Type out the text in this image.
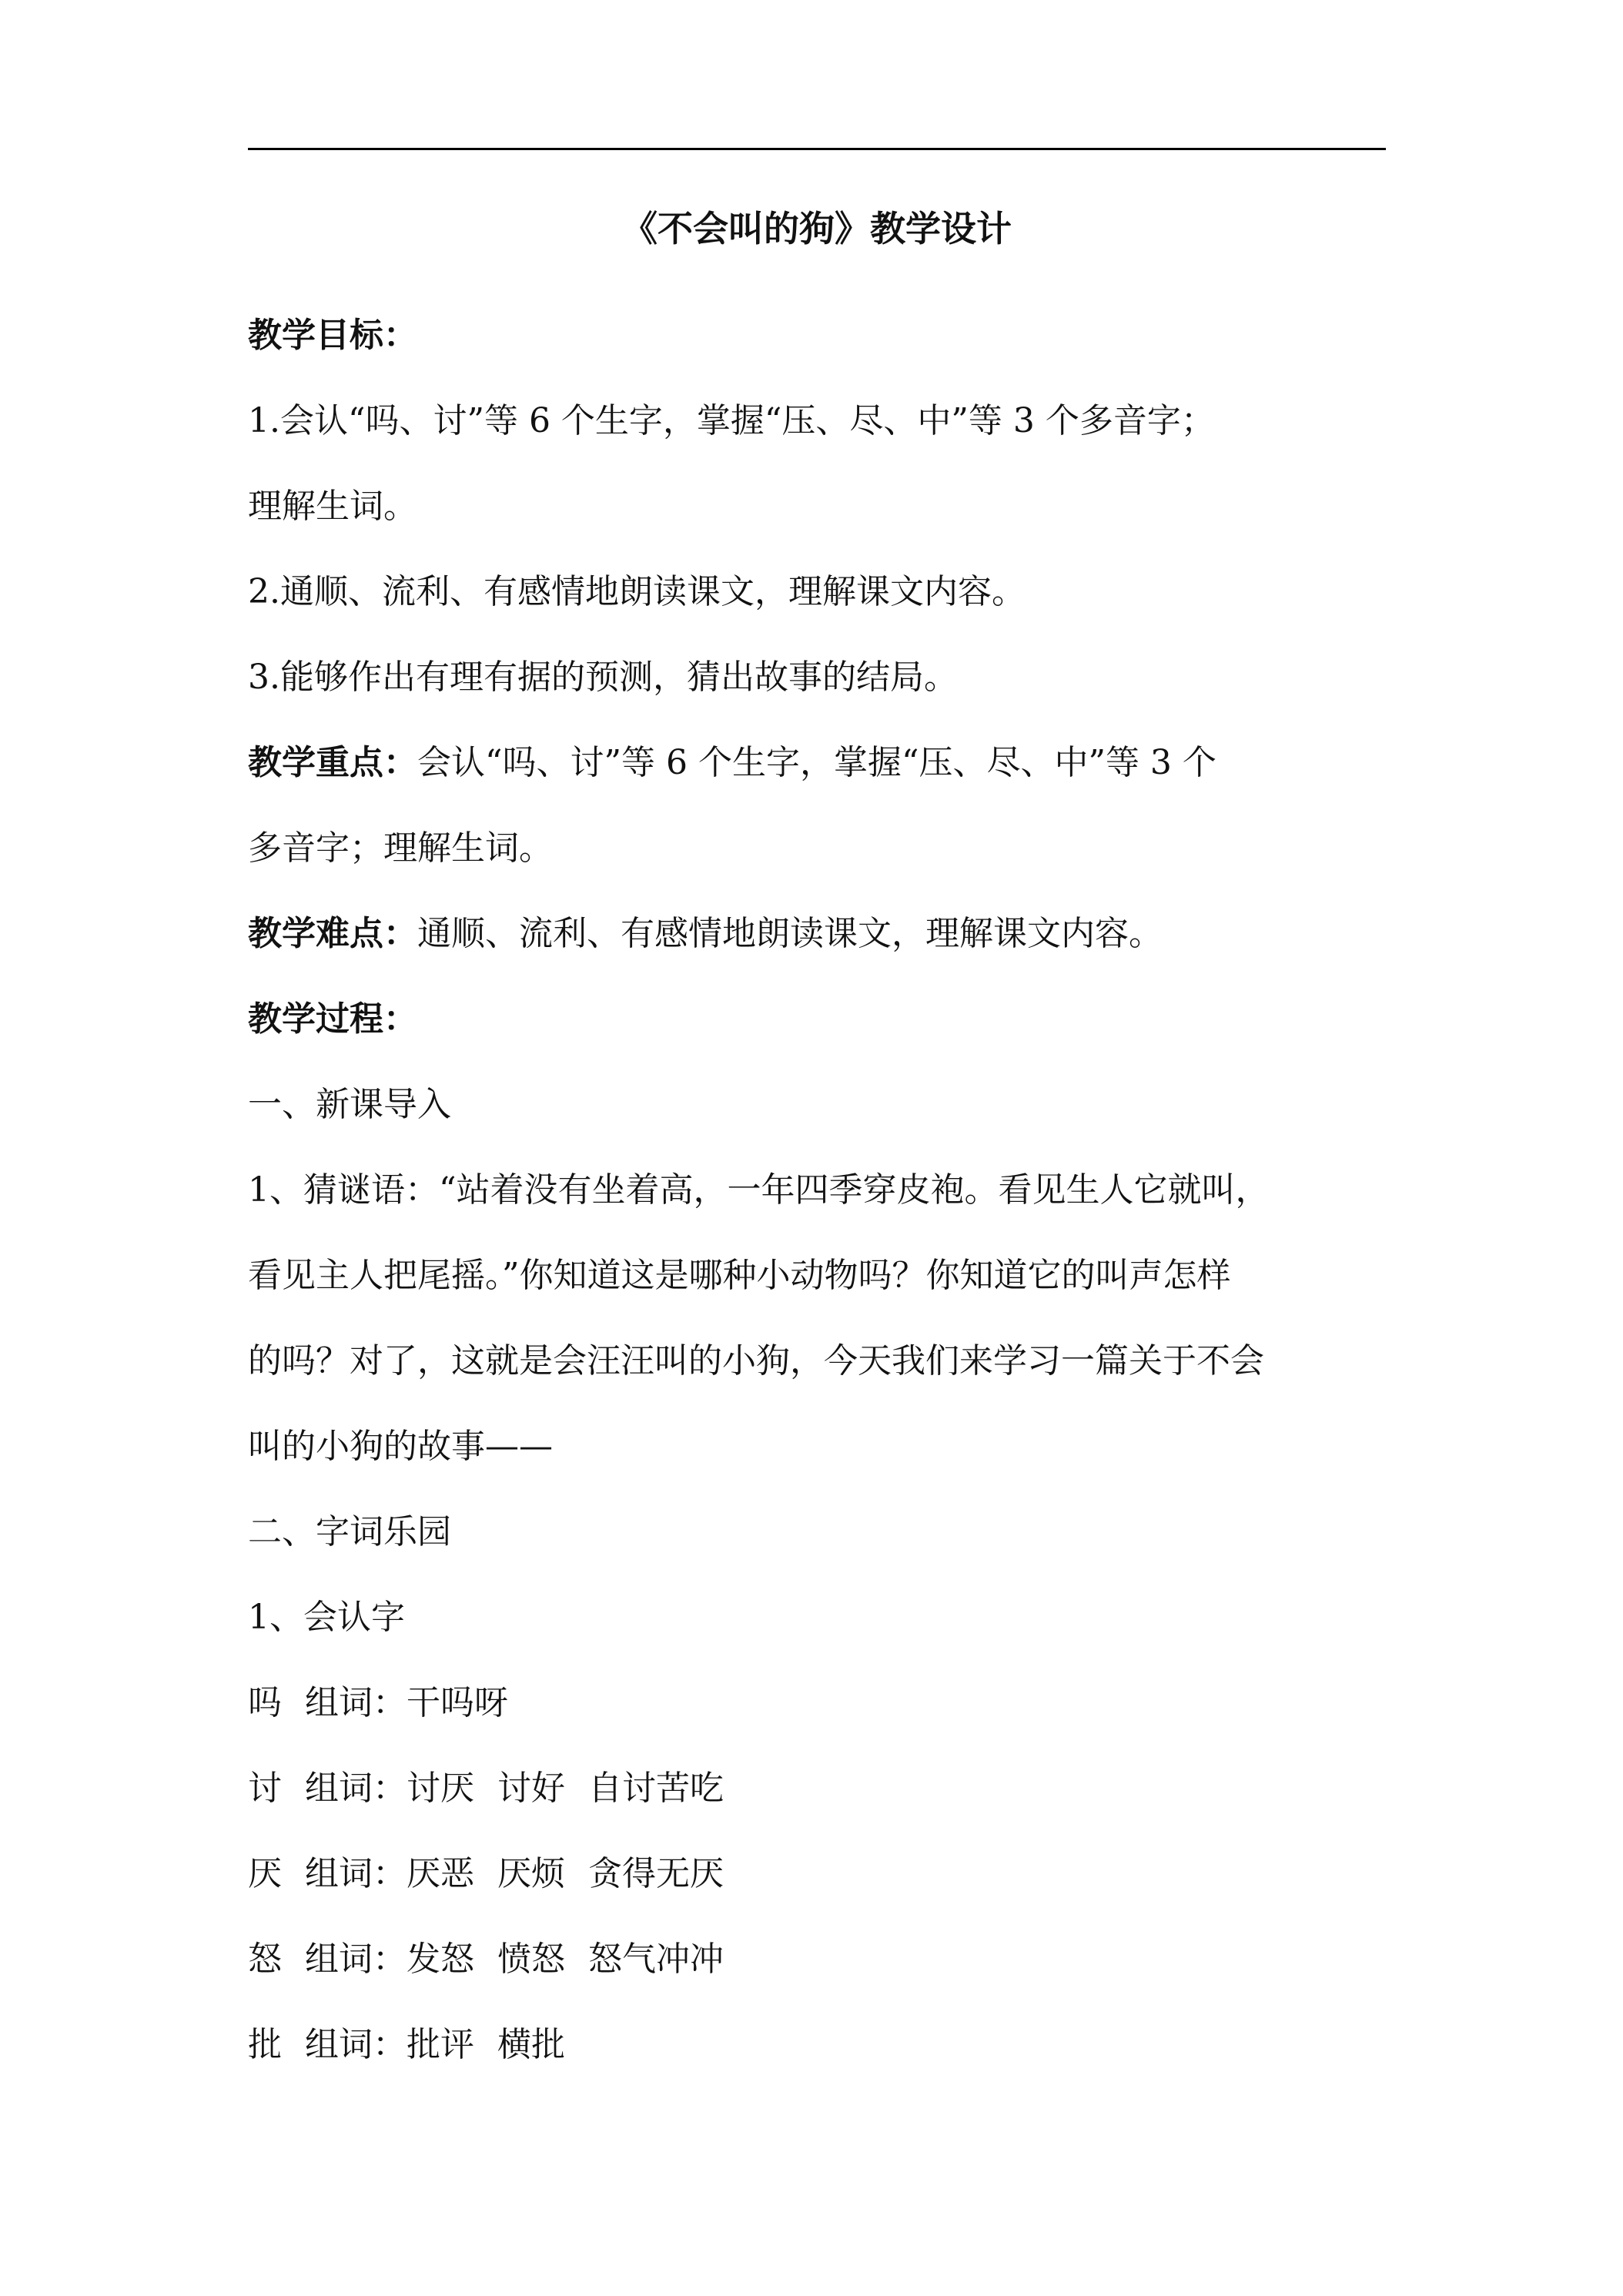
《不会叫的狗》教学设计
教学目标：
1.会认“吗、讨”等 6 个生字，掌握“压、尽、中”等 3 个多音字；
理解生词。
2.通顺、流利、有感情地朗读课文，理解课文内容。
3.能够作出有理有据的预测，猜出故事的结局。
教学重点：会认“吗、讨”等 6 个生字，掌握“压、尽、中”等 3 个
多音字；理解生词。
教学难点：通顺、流利、有感情地朗读课文，理解课文内容。
教学过程：
一、新课导入
1、猜谜语：“站着没有坐着高，一年四季穿皮袍。看见生人它就叫，
看见主人把尾摇。”你知道这是哪种小动物吗？你知道它的叫声怎样
的吗？对了，这就是会汪汪叫的小狗，今天我们来学习一篇关于不会
叫的小狗的故事——
二、字词乐园
1、会认字
吗 组词：干吗呀
讨 组词：讨厌 讨好 自讨苦吃
厌 组词：厌恶 厌烦 贪得无厌
怒 组词：发怒 愤怒 怒气冲冲
批 组词：批评 横批
